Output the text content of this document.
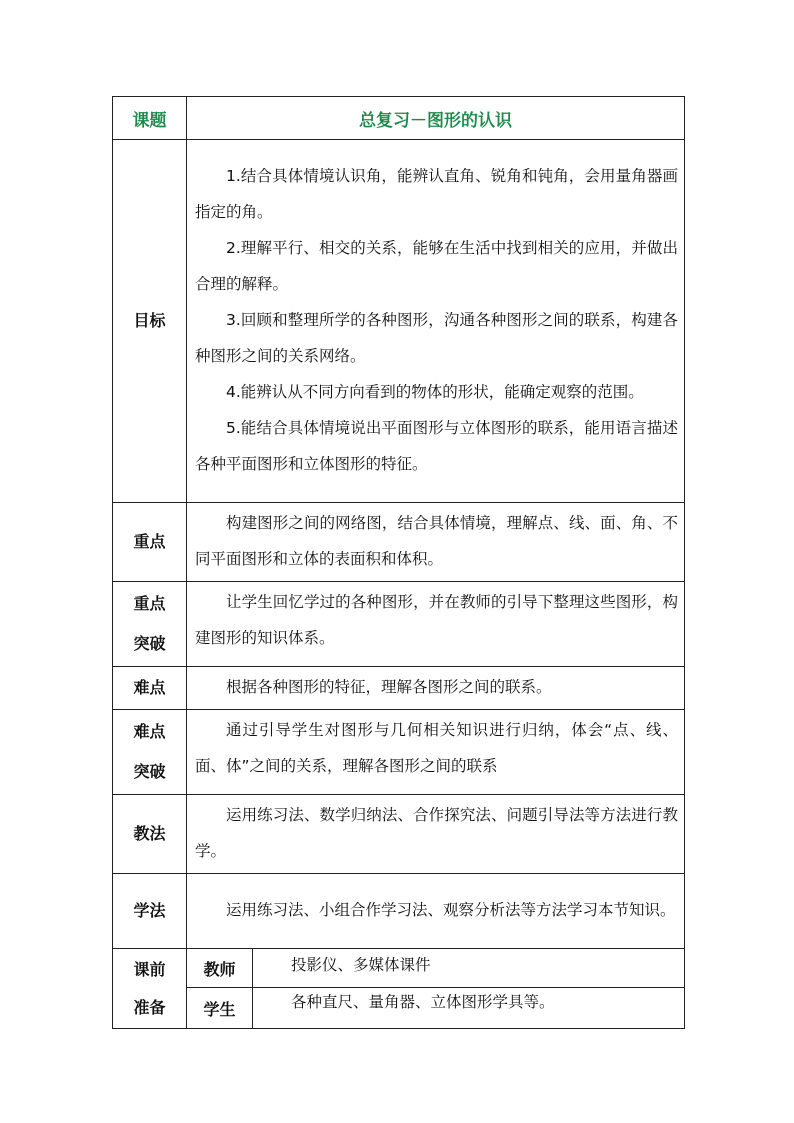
课题	总复习－图形的认识	
目标	1.结合具体情境认识角，能辨认直角、锐角和钝角，会用量角器画指定的角。

2.理解平行、相交的关系，能够在生活中找到相关的应用，并做出合理的解释。

3.回顾和整理所学的各种图形，沟通各种图形之间的联系，构建各种图形之间的关系网络。

4.能辨认从不同方向看到的物体的形状，能确定观察的范围。

5.能结合具体情境说出平面图形与立体图形的联系，能用语言描述各种平面图形和立体图形的特征。	

重点	构建图形之间的网络图，结合具体情境，理解点、线、面、角、不同平面图形和立体的表面积和体积。	

重点
突破	让学生回忆学过的各种图形，并在教师的引导下整理这些图形，构建图形的知识体系。	

难点	根据各种图形的特征，理解各图形之间的联系。	

难点
突破	通过引导学生对图形与几何相关知识进行归纳，体会“点、线、面、体”之间的关系，理解各图形之间的联系	

教法	运用练习法、数学归纳法、合作探究法、问题引导法等方法进行教学。	

学法	运用练习法、小组合作学习法、观察分析法等方法学习本节知识。	

课前
准备	教师	投影仪、多媒体课件
	学生	各种直尺、量角器、立体图形学具等。
